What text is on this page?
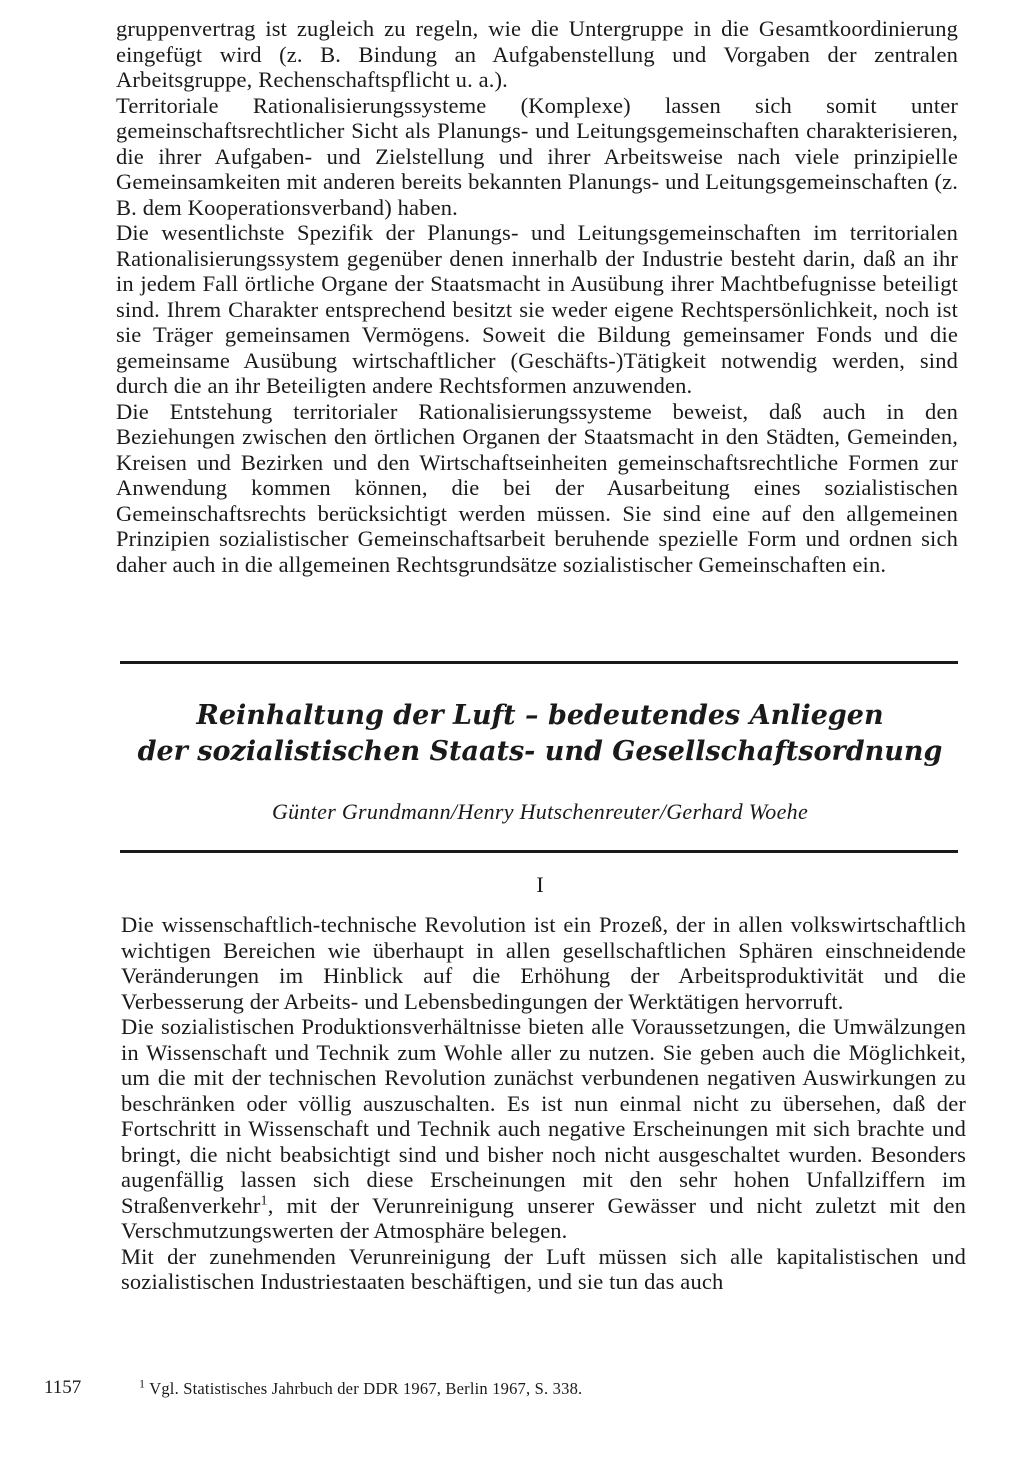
gruppenvertrag ist zugleich zu regeln, wie die Untergruppe in die Gesamtkoordinierung eingefügt wird (z. B. Bindung an Aufgabenstellung und Vorgaben der zentralen Arbeitsgruppe, Rechenschaftspflicht u. a.).

Territoriale Rationalisierungssysteme (Komplexe) lassen sich somit unter gemeinschaftsrechtlicher Sicht als Planungs- und Leitungsgemeinschaften charakterisieren, die ihrer Aufgaben- und Zielstellung und ihrer Arbeitsweise nach viele prinzipielle Gemeinsamkeiten mit anderen bereits bekannten Planungs- und Leitungsgemeinschaften (z. B. dem Kooperationsverband) haben.

Die wesentlichste Spezifik der Planungs- und Leitungsgemeinschaften im territorialen Rationalisierungssystem gegenüber denen innerhalb der Industrie besteht darin, daß an ihr in jedem Fall örtliche Organe der Staatsmacht in Ausübung ihrer Machtbefugnisse beteiligt sind. Ihrem Charakter entsprechend besitzt sie weder eigene Rechtspersönlichkeit, noch ist sie Träger gemeinsamen Vermögens. Soweit die Bildung gemeinsamer Fonds und die gemeinsame Ausübung wirtschaftlicher (Geschäfts-)Tätigkeit notwendig werden, sind durch die an ihr Beteiligten andere Rechtsformen anzuwenden.

Die Entstehung territorialer Rationalisierungssysteme beweist, daß auch in den Beziehungen zwischen den örtlichen Organen der Staatsmacht in den Städten, Gemeinden, Kreisen und Bezirken und den Wirtschaftseinheiten gemeinschaftsrechtliche Formen zur Anwendung kommen können, die bei der Ausarbeitung eines sozialistischen Gemeinschaftsrechts berücksichtigt werden müssen. Sie sind eine auf den allgemeinen Prinzipien sozialistischer Gemeinschaftsarbeit beruhende spezielle Form und ordnen sich daher auch in die allgemeinen Rechtsgrundsätze sozialistischer Gemeinschaften ein.

Reinhaltung der Luft – bedeutendes Anliegen
der sozialistischen Staats- und Gesellschaftsordnung
Günter Grundmann/Henry Hutschenreuter/Gerhard Woehe
I

Die wissenschaftlich-technische Revolution ist ein Prozeß, der in allen volkswirtschaftlich wichtigen Bereichen wie überhaupt in allen gesellschaftlichen Sphären einschneidende Veränderungen im Hinblick auf die Erhöhung der Arbeitsproduktivität und die Verbesserung der Arbeits- und Lebensbedingungen der Werktätigen hervorruft.

Die sozialistischen Produktionsverhältnisse bieten alle Voraussetzungen, die Umwälzungen in Wissenschaft und Technik zum Wohle aller zu nutzen. Sie geben auch die Möglichkeit, um die mit der technischen Revolution zunächst verbundenen negativen Auswirkungen zu beschränken oder völlig auszuschalten. Es ist nun einmal nicht zu übersehen, daß der Fortschritt in Wissenschaft und Technik auch negative Erscheinungen mit sich brachte und bringt, die nicht beabsichtigt sind und bisher noch nicht ausgeschaltet wurden. Besonders augenfällig lassen sich diese Erscheinungen mit den sehr hohen Unfallziffern im Straßenverkehr$^1$, mit der Verunreinigung unserer Gewässer und nicht zuletzt mit den Verschmutzungswerten der Atmosphäre belegen.

Mit der zunehmenden Verunreinigung der Luft müssen sich alle kapitalistischen und sozialistischen Industriestaaten beschäftigen, und sie tun das auch

1157	$^1$ Vgl. Statistisches Jahrbuch der DDR 1967, Berlin 1967, S. 338.
